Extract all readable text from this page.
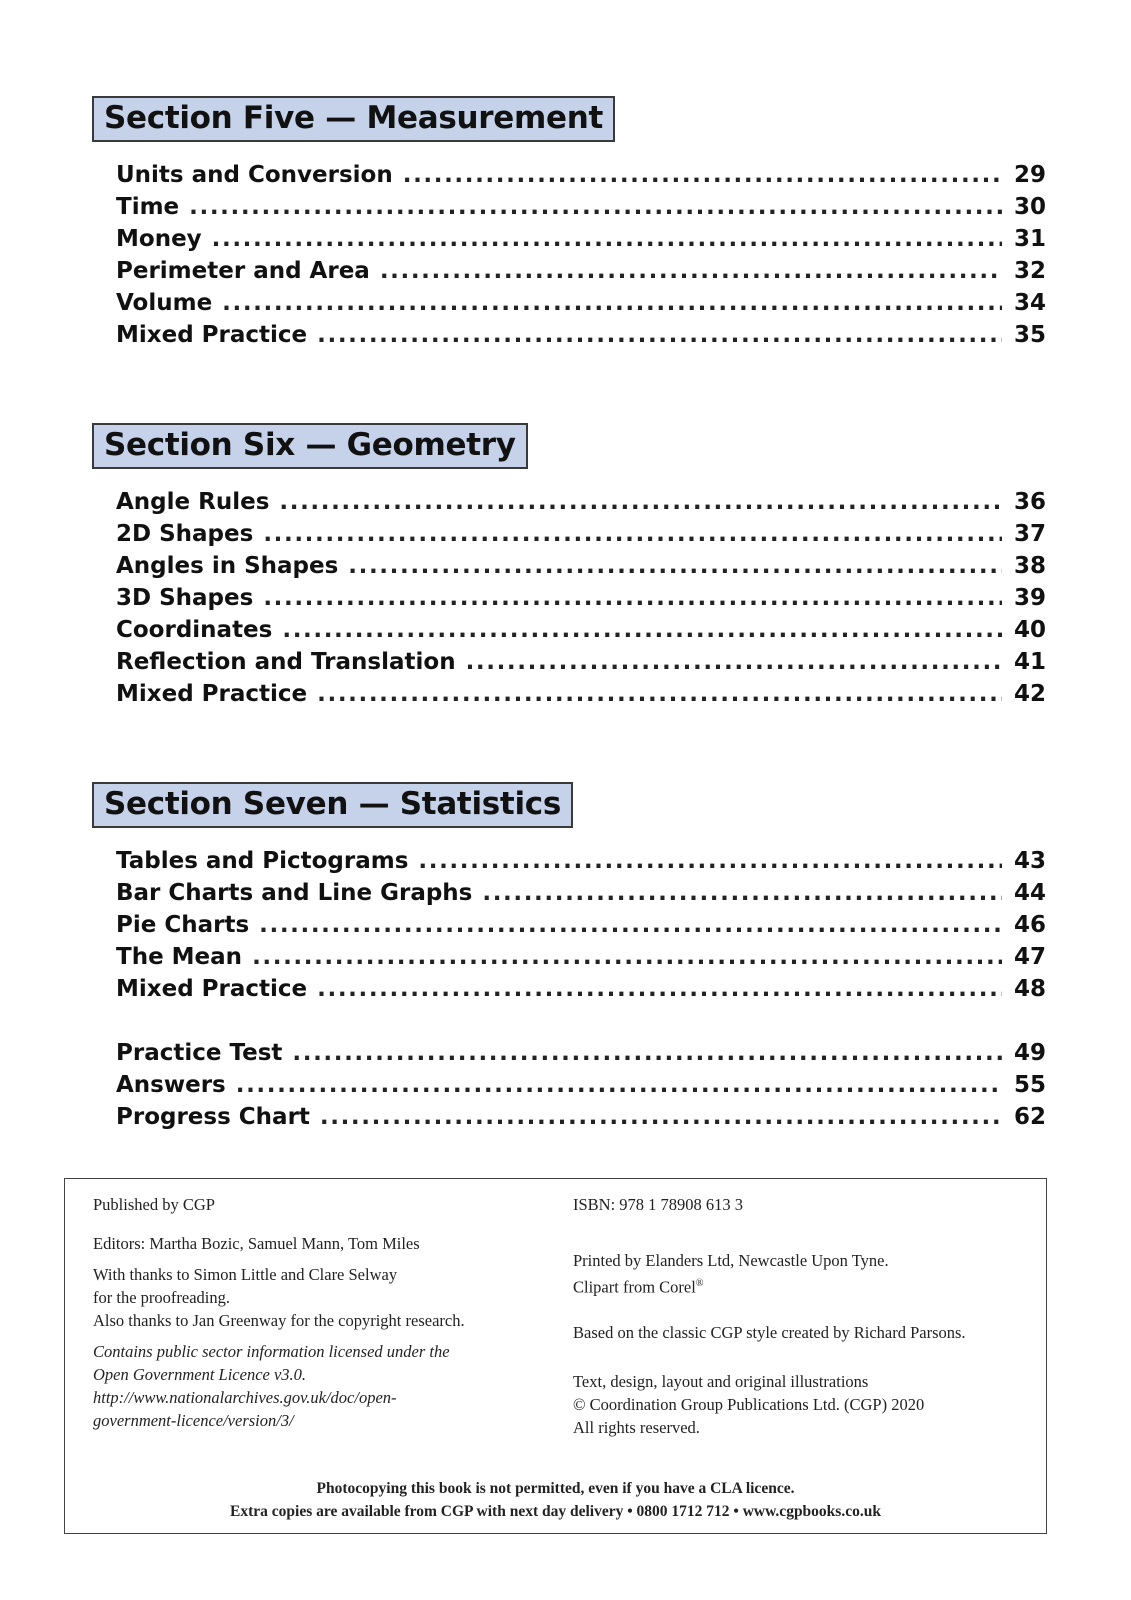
Section Five — Measurement
Units and Conversion .....	29
Time .....	30
Money .....	31
Perimeter and Area .....	32
Volume .....	34
Mixed Practice .....	35
Section Six — Geometry
Angle Rules .....	36
2D Shapes .....	37
Angles in Shapes .....	38
3D Shapes .....	39
Coordinates .....	40
Reflection and Translation .....	41
Mixed Practice .....	42
Section Seven — Statistics
Tables and Pictograms .....	43
Bar Charts and Line Graphs .....	44
Pie Charts .....	46
The Mean .....	47
Mixed Practice .....	48
Practice Test .....	49
Answers .....	55
Progress Chart .....	62

Published by CGP

Editors: Martha Bozic, Samuel Mann, Tom Miles

With thanks to Simon Little and Clare Selway

for the proofreading.

Also thanks to Jan Greenway for the copyright research.

Contains public sector information licensed under the

Open Government Licence v3.0.

http://www.nationalarchives.gov.uk/doc/open-

government-licence/version/3/

ISBN: 978 1 78908 613 3

Printed by Elanders Ltd, Newcastle Upon Tyne.

Clipart from Corel®

Based on the classic CGP style created by Richard Parsons.

Text, design, layout and original illustrations

© Coordination Group Publications Ltd. (CGP) 2020

All rights reserved.

Photocopying this book is not permitted, even if you have a CLA licence.
Extra copies are available from CGP with next day delivery • 0800 1712 712 • www.cgpbooks.co.uk
